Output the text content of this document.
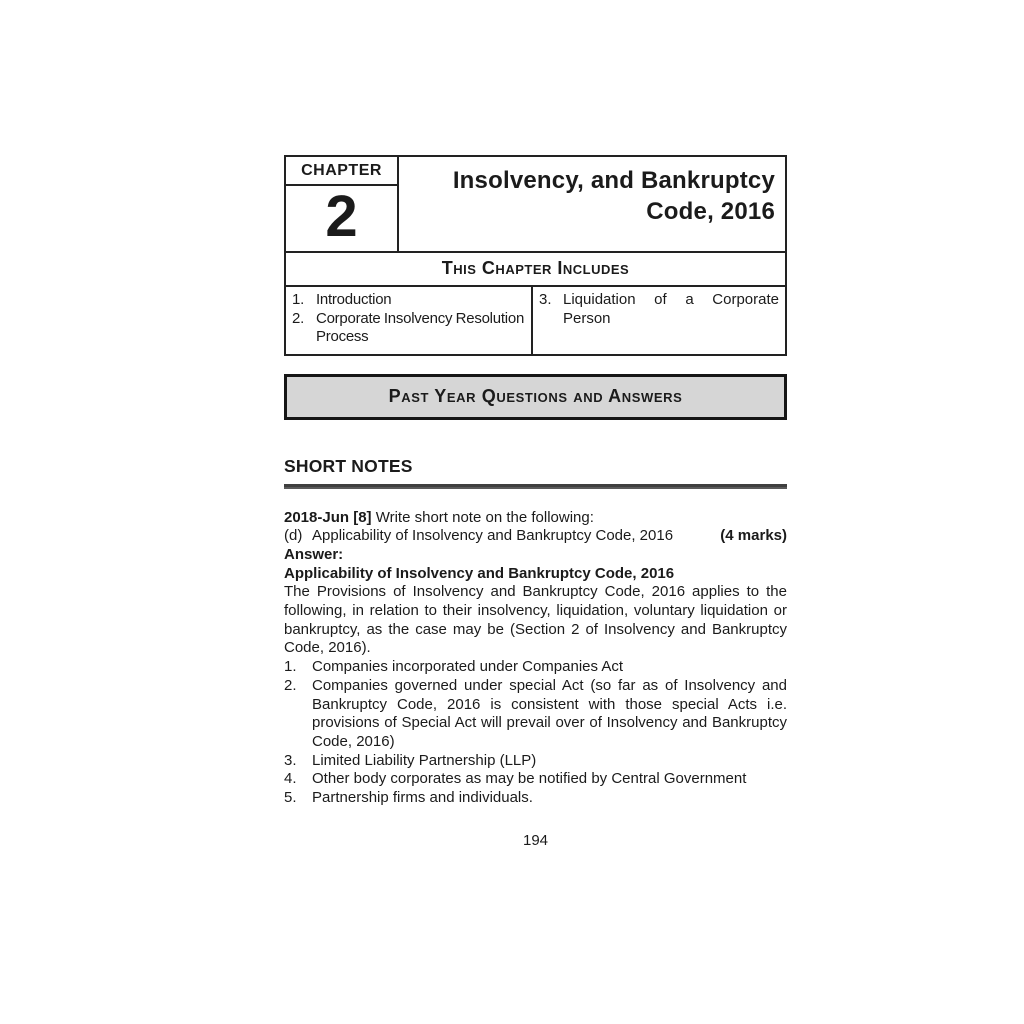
CHAPTER
2
Insolvency, and Bankruptcy Code, 2016
This Chapter Includes
1. Introduction
2. Corporate Insolvency Resolution Process
3. Liquidation of a Corporate Person
Past Year Questions and Answers
SHORT NOTES
2018-Jun [8] Write short note on the following:
(d) Applicability of Insolvency and Bankruptcy Code, 2016	(4 marks)
Answer:
Applicability of Insolvency and Bankruptcy Code, 2016
The Provisions of Insolvency and Bankruptcy Code, 2016 applies to the following, in relation to their insolvency, liquidation, voluntary liquidation or bankruptcy, as the case may be (Section 2 of Insolvency and Bankruptcy Code, 2016).
1.	Companies incorporated under Companies Act
2.	Companies governed under special Act (so far as of Insolvency and Bankruptcy Code, 2016 is consistent with those special Acts i.e. provisions of Special Act will prevail over of Insolvency and Bankruptcy Code, 2016)
3.	Limited Liability Partnership (LLP)
4.	Other body corporates as may be notified by Central Government
5.	Partnership firms and individuals.
194
